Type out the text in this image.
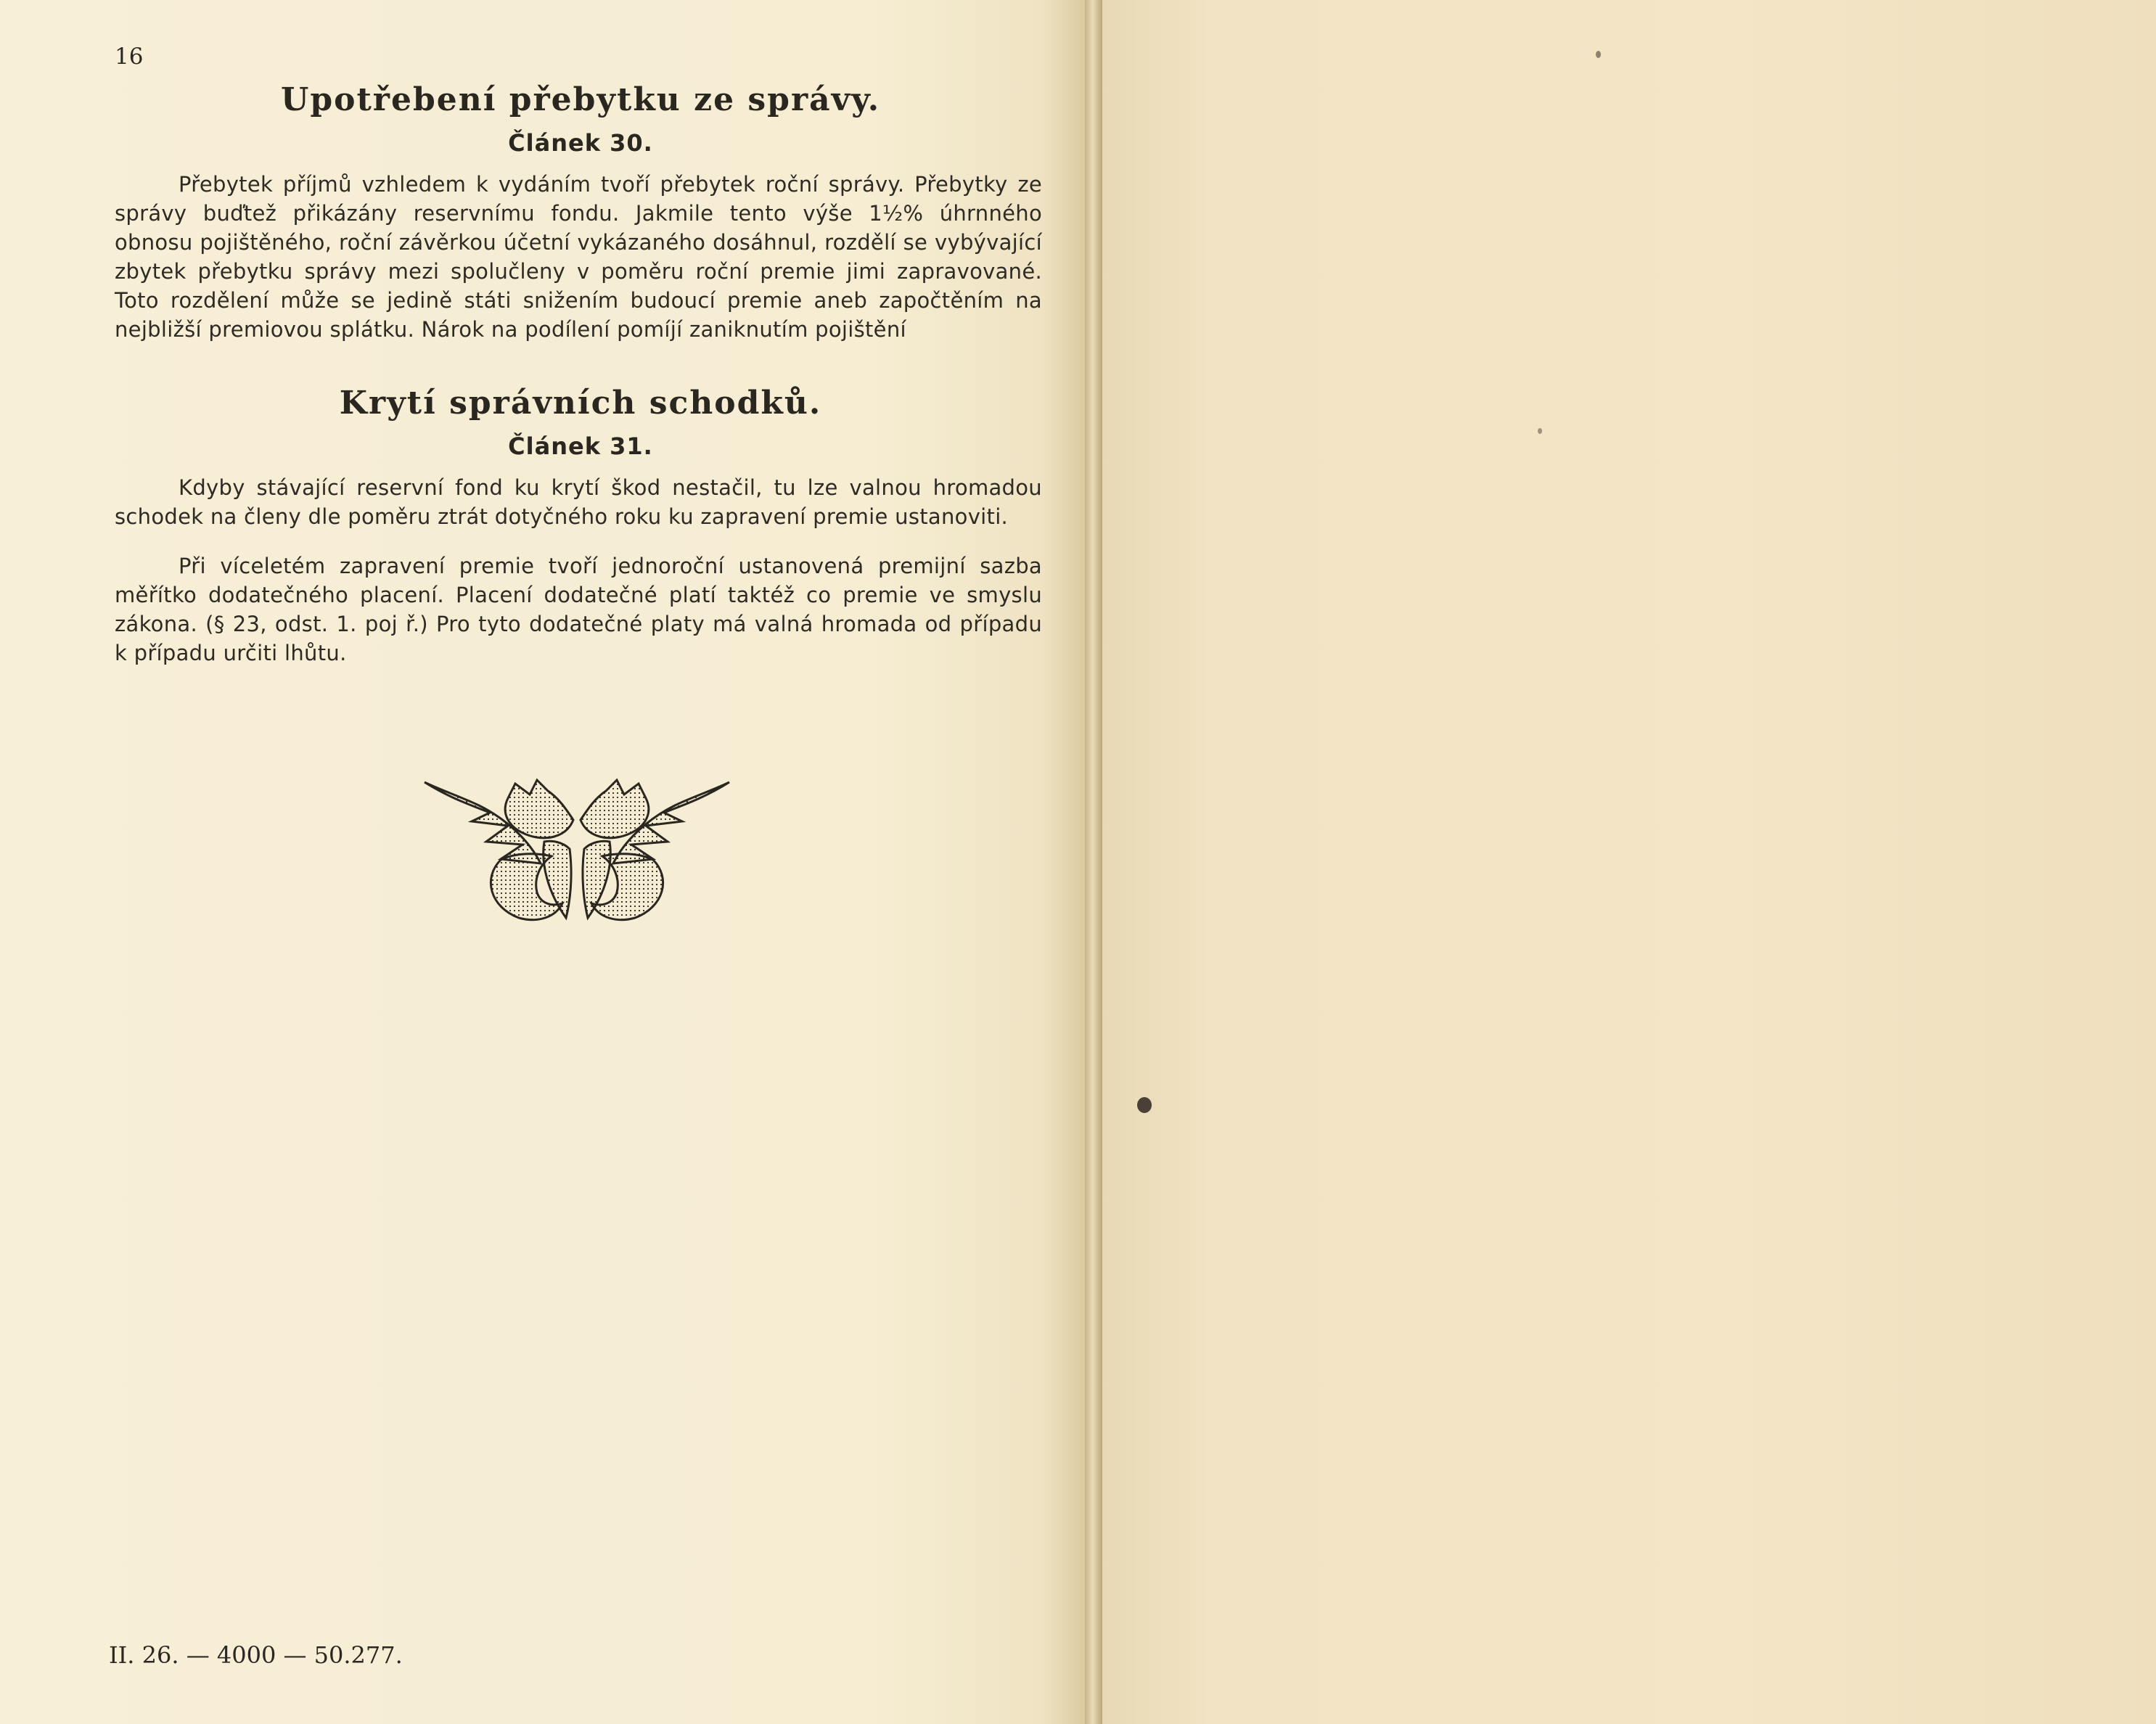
16
Upotřebení přebytku ze správy.
Článek 30.

Přebytek příjmů vzhledem k vydáním tvoří přebytek roční správy. Přebytky ze správy buďtež přikázány reservnímu fondu. Jakmile tento výše 1½% úhrnného obnosu pojištěného, roční závěrkou účetní vykázaného dosáhnul, rozdělí se vybývající zbytek přebytku správy mezi spolučleny v poměru roční premie jimi zapravované. Toto rozdělení může se jedině státi snižením budoucí premie aneb započtěním na nejbližší premiovou splátku. Nárok na podílení pomíjí zaniknutím pojištění

Krytí správních schodků.
Článek 31.

Kdyby stávající reservní fond ku krytí škod nestačil, tu lze valnou hromadou schodek na členy dle poměru ztrát dotyčného roku ku zapravení premie ustanoviti.

Při víceletém zapravení premie tvoří jednoroční ustanovená premijní sazba měřítko dodatečného placení. Placení dodatečné platí taktéž co premie ve smyslu zákona. (§ 23, odst. 1. poj ř.) Pro tyto dodatečné platy má valná hromada od případu k případu určiti lhůtu.

II. 26. — 4000 — 50.277.
